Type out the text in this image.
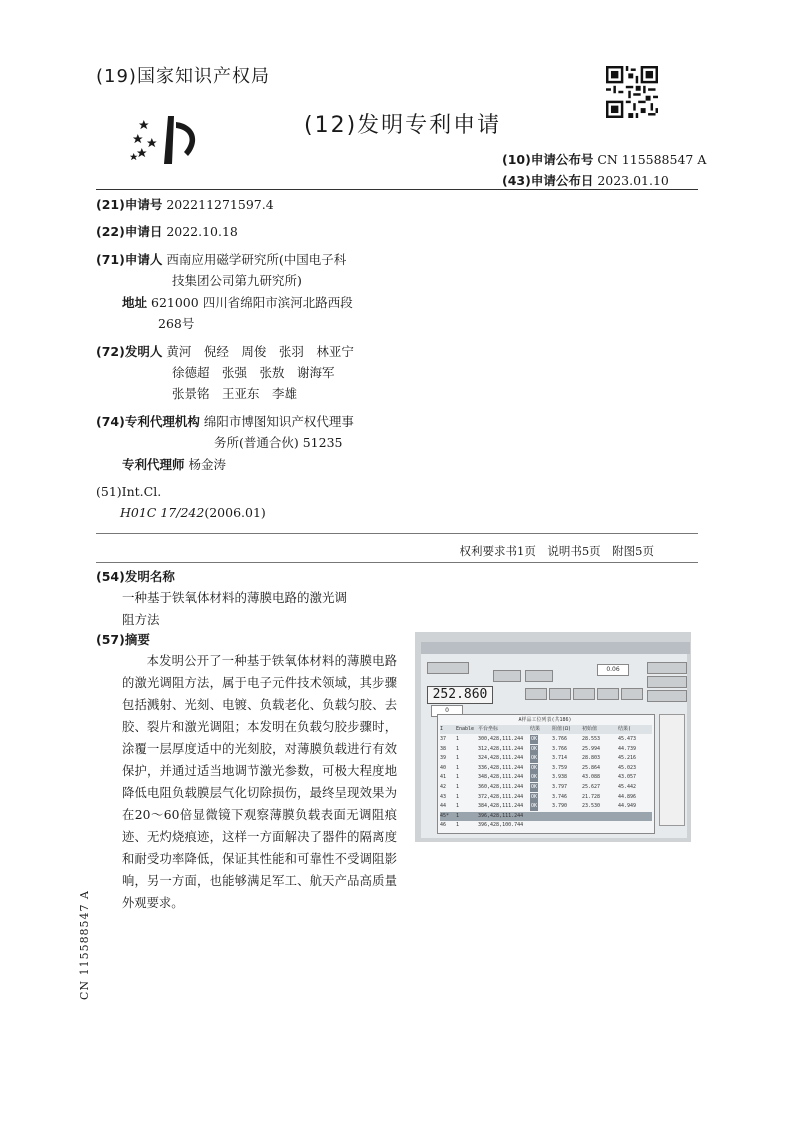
(19)国家知识产权局
(12)发明专利申请
(10)申请公布号 CN 115588547 A
(43)申请公布日 2023.01.10
(21)申请号 202211271597.4
(22)申请日 2022.10.18
(71)申请人 西南应用磁学研究所(中国电子科
技集团公司第九研究所)
地址 621000 四川省绵阳市滨河北路西段
268号
(72)发明人 黄河　倪经　周俊　张羽　林亚宁
徐德超　张强　张敖　谢海军
张景铭　王亚东　李雄
(74)专利代理机构 绵阳市博图知识产权代理事
务所(普通合伙) 51235
专利代理师 杨金涛
(51)Int.Cl.
H01C 17/242(2006.01)
权利要求书1页　说明书5页　附图5页
(54)发明名称
一种基于铁氧体材料的薄膜电路的激光调
阻方法
(57)摘要
本发明公开了一种基于铁氧体材料的薄膜电路的激光调阻方法，属于电子元件技术领域，其步骤包括溅射、光刻、电镀、负载老化、负载匀胶、去胶、裂片和激光调阻；本发明在负载匀胶步骤时，涂覆一层厚度适中的光刻胶，对薄膜负载进行有效保护，并通过适当地调节激光参数，可极大程度地降低电阻负载膜层气化切除损伤，最终呈现效果为在20～60倍显微镜下观察薄膜负载表面无调阻痕迹、无灼烧痕迹，这样一方面解决了器件的隔离度和耐受功率降低，保证其性能和可靠性不受调阻影响，另一方面，也能够满足军工、航天产品高质量外观要求。
CN 115588547 A
0.06
252.860
0
A样品工位列表(共186)
I	Enable 平台坐标	结果 阻值(Ω) 初始值	结果(
37 1	300,428,111.244 OK	3.766	28.553	45.473
38 1	312,428,111.244 OK	3.766	25.994	44.739
39 1	324,428,111.244 OK	3.714	28.803	45.216
40 1	336,428,111.244 OK	3.759	25.864	45.023
41 1	348,428,111.244 OK	3.938	43.088	43.057
42 1	360,428,111.244 OK	3.797	25.627	45.442
43 1	372,428,111.244 OK	3.746	21.728	44.896
44 1	384,428,111.244 OK	3.790	23.530	44.949
45* 1	396,428,111.244
46 1	396,428,100.744
